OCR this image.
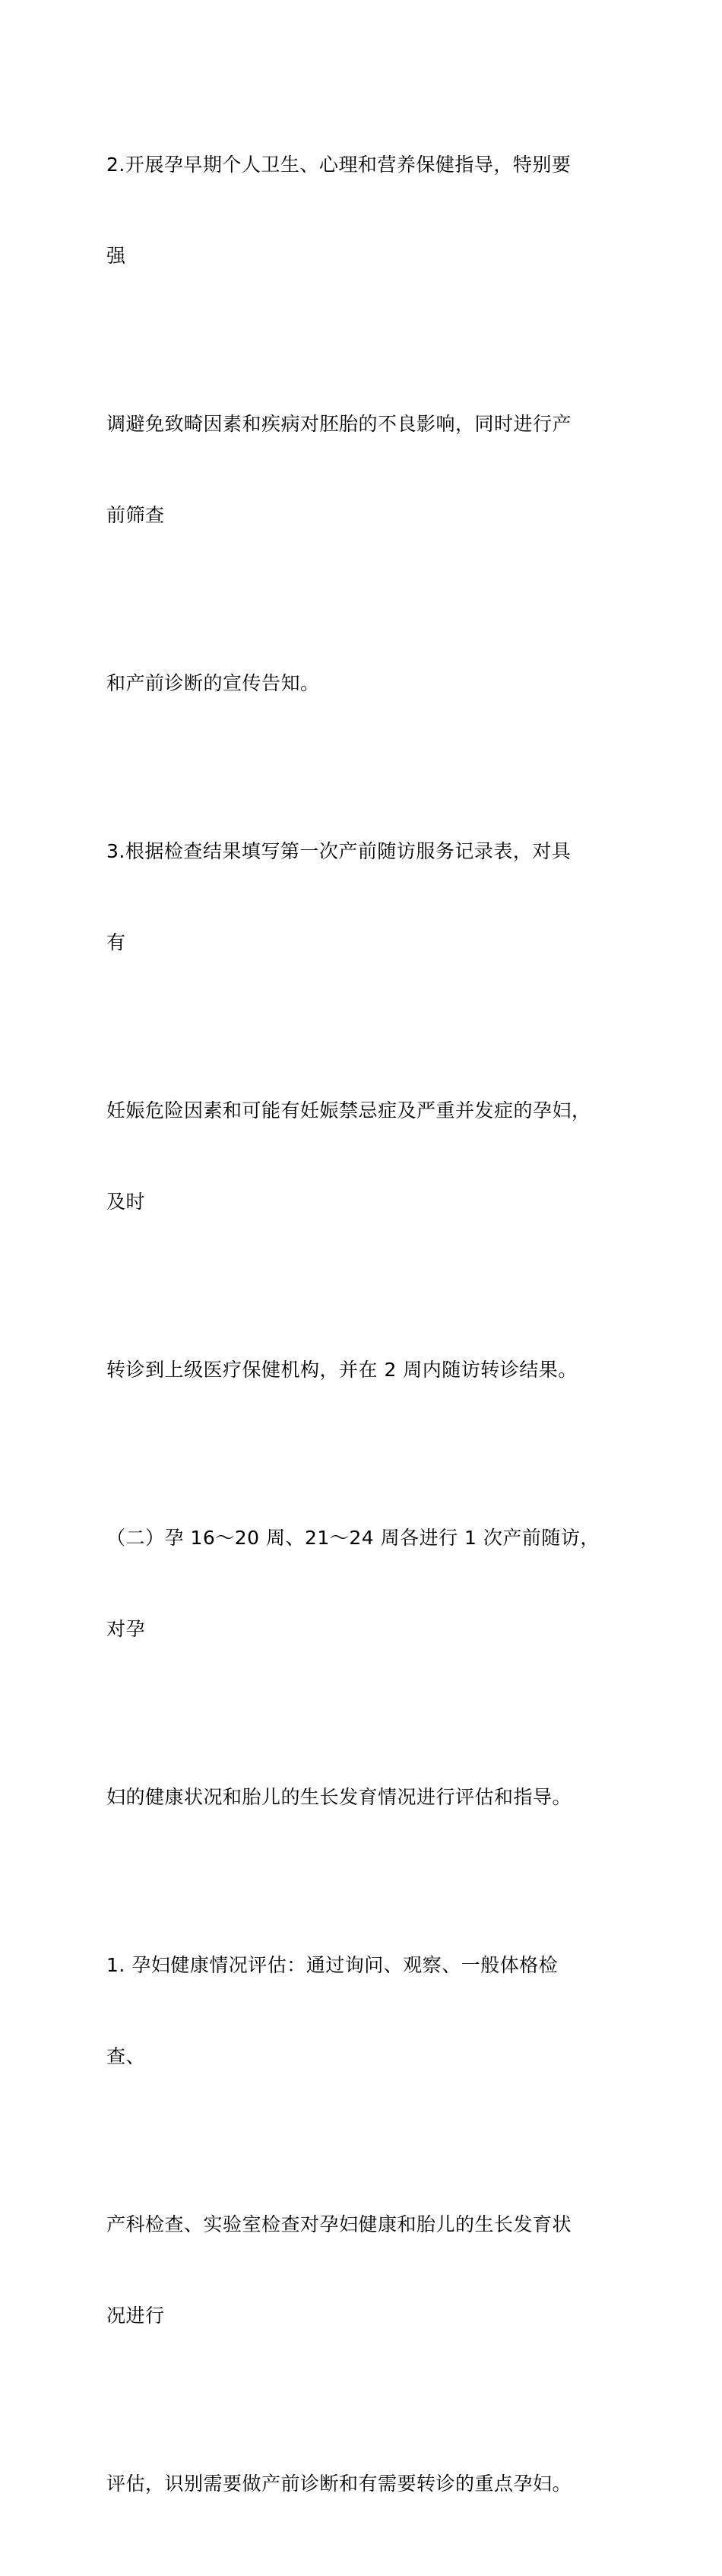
2.开展孕早期个人卫生、心理和营养保健指导，特别要

强

调避免致畸因素和疾病对胚胎的不良影响，同时进行产

前筛查

和产前诊断的宣传告知。

3.根据检查结果填写第一次产前随访服务记录表，对具

有

妊娠危险因素和可能有妊娠禁忌症及严重并发症的孕妇，

及时

转诊到上级医疗保健机构，并在 2 周内随访转诊结果。

（二）孕 16～20 周、21～24 周各进行 1 次产前随访，

对孕

妇的健康状况和胎儿的生长发育情况进行评估和指导。

1. 孕妇健康情况评估：通过询问、观察、一般体格检

查、

产科检查、实验室检查对孕妇健康和胎儿的生长发育状

况进行

评估，识别需要做产前诊断和有需要转诊的重点孕妇。
